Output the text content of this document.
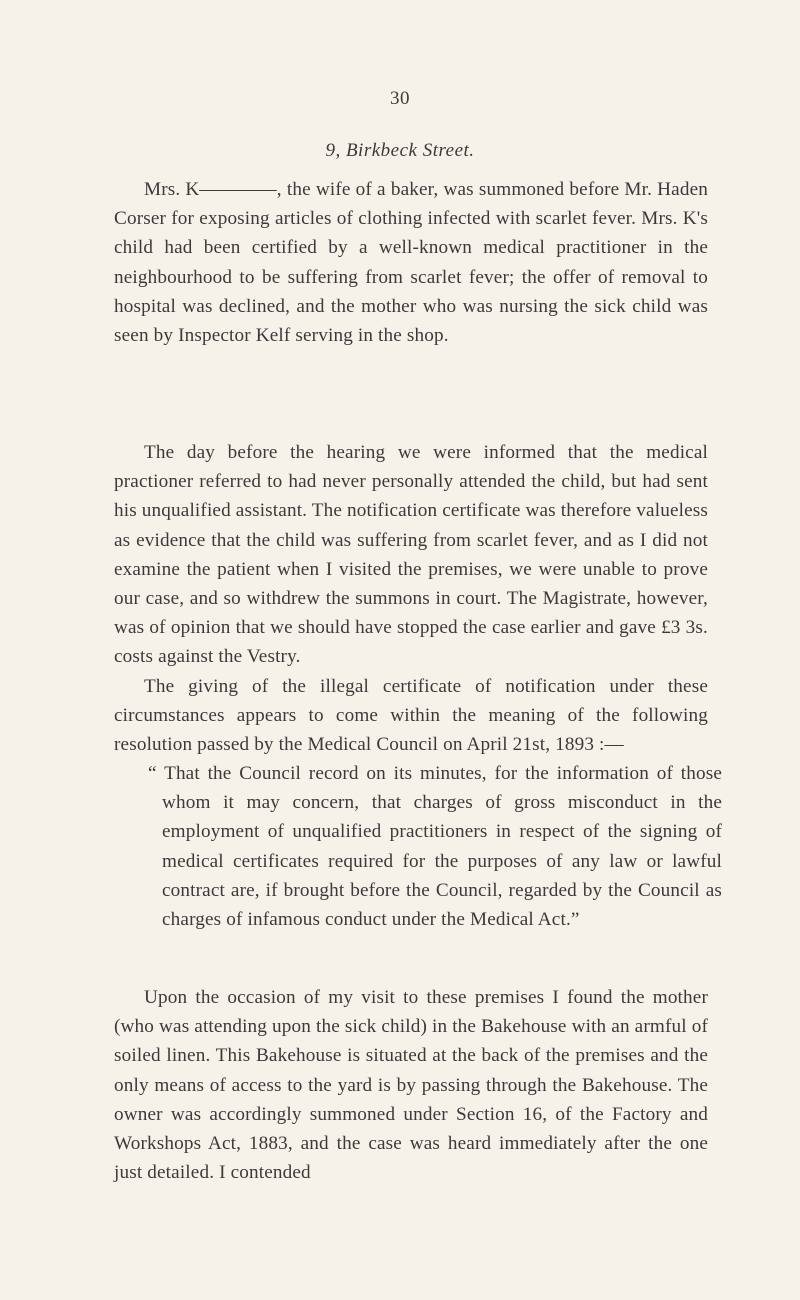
30
9, Birkbeck Street.

Mrs. K————, the wife of a baker, was summoned before Mr. Haden Corser for exposing articles of clothing infected with scarlet fever. Mrs. K's child had been certified by a well-known medical practitioner in the neighbourhood to be suffering from scarlet fever; the offer of removal to hospital was declined, and the mother who was nursing the sick child was seen by Inspector Kelf serving in the shop.

The day before the hearing we were informed that the medical practioner referred to had never personally attended the child, but had sent his unqualified assistant. The notification certificate was therefore valueless as evidence that the child was suffering from scarlet fever, and as I did not examine the patient when I visited the premises, we were unable to prove our case, and so withdrew the summons in court. The Magistrate, however, was of opinion that we should have stopped the case earlier and gave £3 3s. costs against the Vestry.

The giving of the illegal certificate of notification under these circumstances appears to come within the meaning of the following resolution passed by the Medical Council on April 21st, 1893 :—

“ That the Council record on its minutes, for the information of those whom it may concern, that charges of gross misconduct in the employment of unqualified practitioners in respect of the signing of medical certificates required for the purposes of any law or lawful contract are, if brought before the Council, regarded by the Council as charges of infamous conduct under the Medical Act.”

Upon the occasion of my visit to these premises I found the mother (who was attending upon the sick child) in the Bakehouse with an armful of soiled linen. This Bakehouse is situated at the back of the premises and the only means of access to the yard is by passing through the Bakehouse. The owner was accordingly summoned under Section 16, of the Factory and Workshops Act, 1883, and the case was heard immediately after the one just detailed. I contended
